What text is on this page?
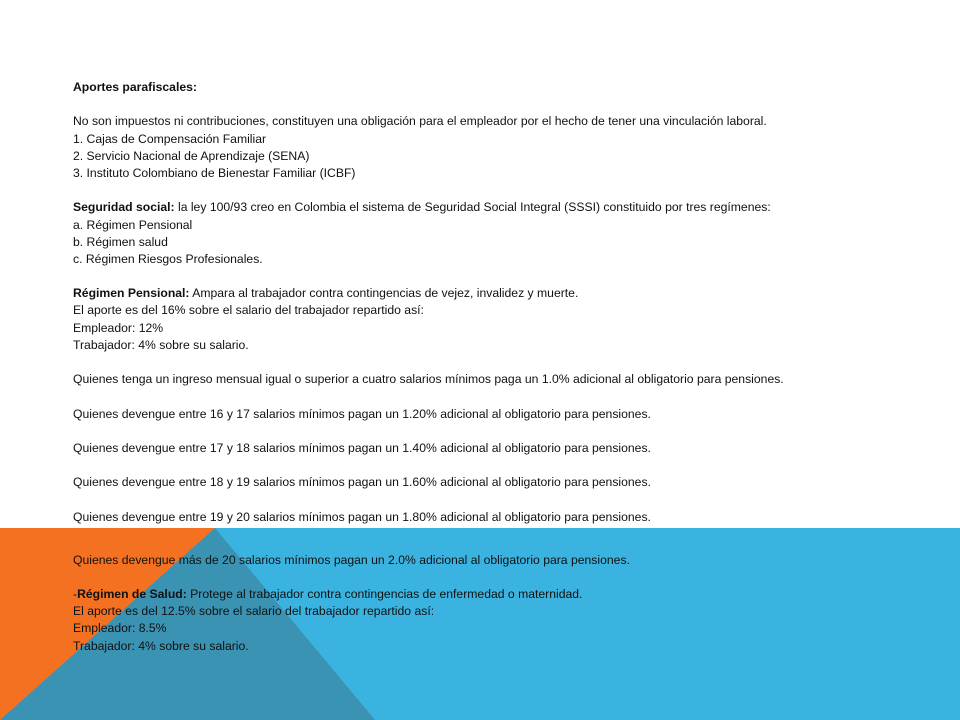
Aportes parafiscales:
No son impuestos ni contribuciones, constituyen una obligación para el empleador por el hecho de tener una vinculación laboral.
1. Cajas de Compensación Familiar
2. Servicio Nacional de Aprendizaje (SENA)
3. Instituto Colombiano de Bienestar Familiar (ICBF)
Seguridad social: la ley 100/93 creo en Colombia el sistema de Seguridad Social Integral (SSSI) constituido por tres regímenes:
a. Régimen Pensional
b. Régimen salud
c. Régimen Riesgos Profesionales.
Régimen Pensional: Ampara al trabajador contra contingencias de vejez, invalidez y muerte.
El aporte es del 16% sobre el salario del trabajador repartido así:
Empleador: 12%
Trabajador: 4% sobre su salario.
Quienes tenga un ingreso mensual igual o superior a cuatro salarios mínimos paga un 1.0% adicional al obligatorio para pensiones.
Quienes devengue entre 16 y 17 salarios mínimos pagan un 1.20% adicional al obligatorio para pensiones.
Quienes devengue entre 17 y 18 salarios mínimos pagan un 1.40% adicional al obligatorio para pensiones.
Quienes devengue entre 18 y 19 salarios mínimos pagan un 1.60% adicional al obligatorio para pensiones.
Quienes devengue entre 19 y 20 salarios mínimos pagan un 1.80% adicional al obligatorio para pensiones.
Quienes devengue más de 20 salarios mínimos pagan un 2.0% adicional al obligatorio para pensiones.
-Régimen de Salud: Protege al trabajador contra contingencias de enfermedad o maternidad.
El aporte es del 12.5% sobre el salario del trabajador repartido así:
Empleador: 8.5%
Trabajador: 4% sobre su salario.
